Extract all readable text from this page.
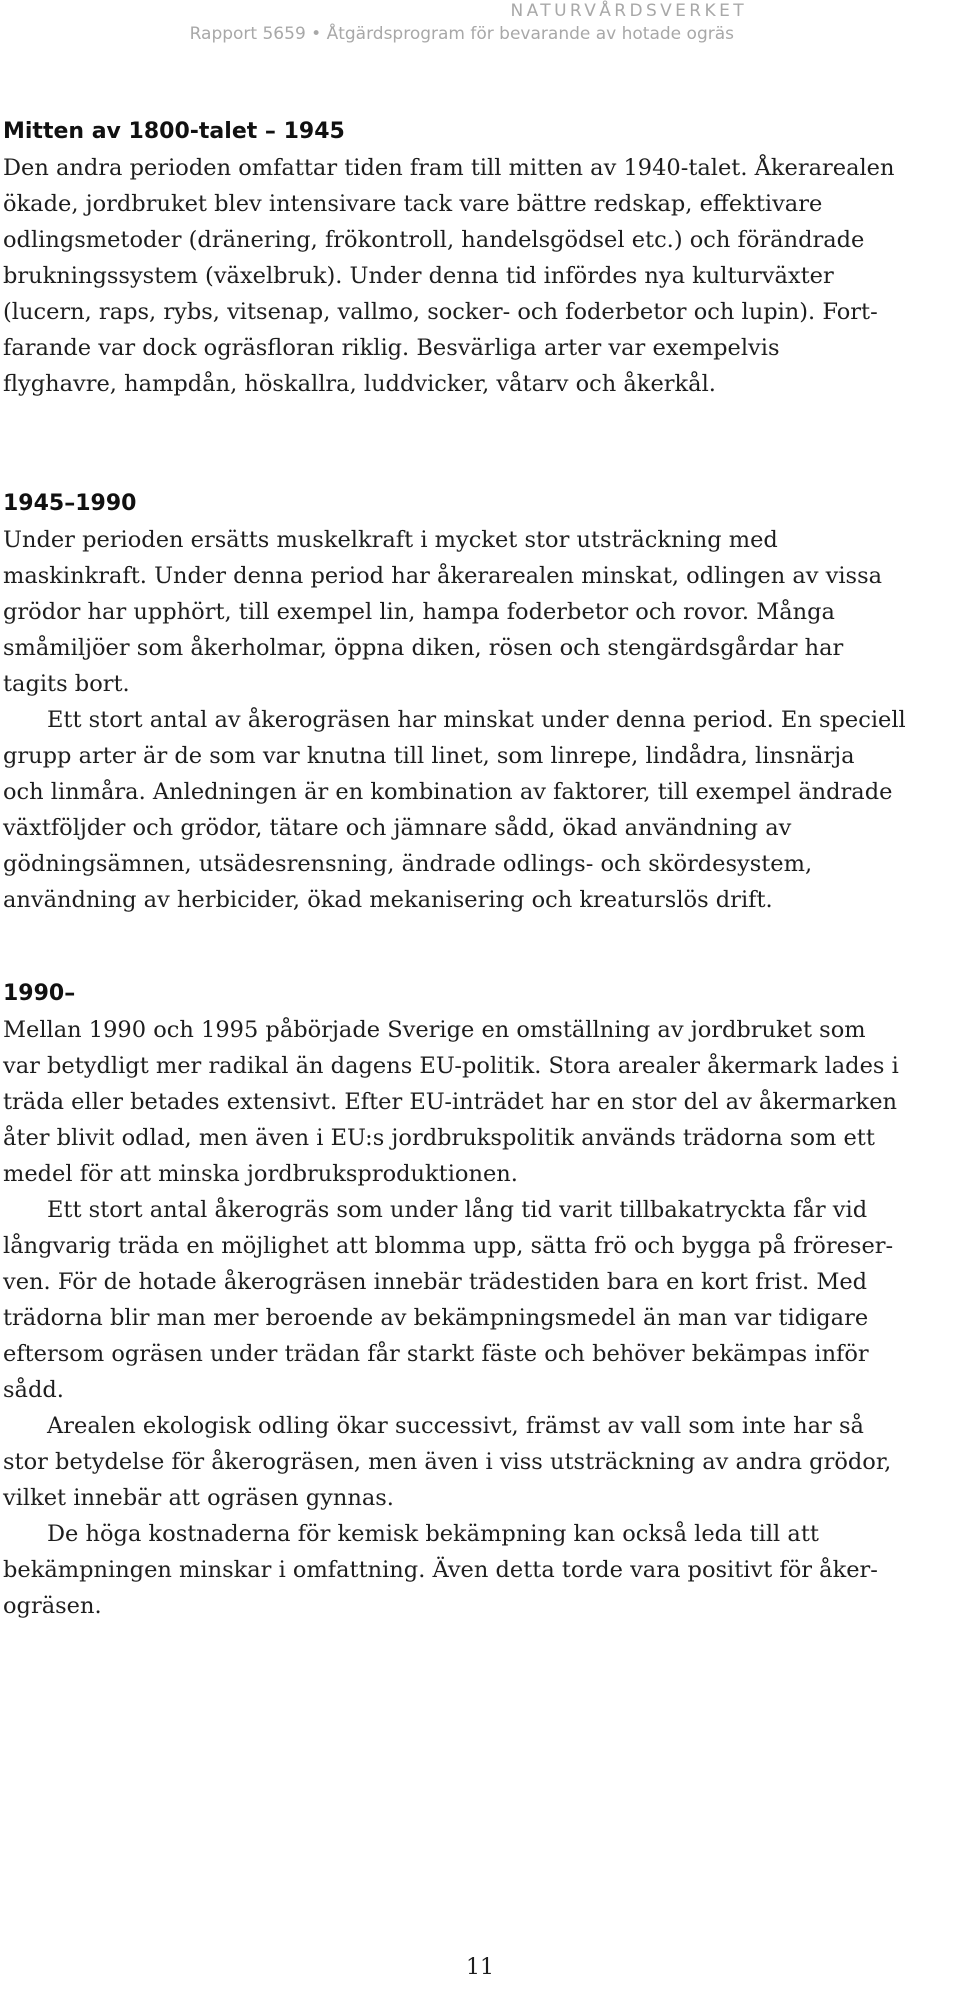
NATURVÅRDSVERKET
Rapport 5659 • Åtgärdsprogram för bevarande av hotade ogräs
Mitten av 1800-talet – 1945

Den andra perioden omfattar tiden fram till mitten av 1940-talet. Åkerarealen
ökade, jordbruket blev intensivare tack vare bättre redskap, effektivare
odlingsmetoder (dränering, frökontroll, handelsgödsel etc.) och förändrade
brukningssystem (växelbruk). Under denna tid infördes nya kulturväxter
(lucern, raps, rybs, vitsenap, vallmo, socker- och foderbetor och lupin). Fort-
farande var dock ogräsfloran riklig. Besvärliga arter var exempelvis
flyghavre, hampdån, höskallra, luddvicker, våtarv och åkerkål.

1945–1990

Under perioden ersätts muskelkraft i mycket stor utsträckning med
maskinkraft. Under denna period har åkerarealen minskat, odlingen av vissa
grödor har upphört, till exempel lin, hampa foderbetor och rovor. Många
småmiljöer som åkerholmar, öppna diken, rösen och stengärdsgårdar har
tagits bort.

Ett stort antal av åkerogräsen har minskat under denna period. En speciell
grupp arter är de som var knutna till linet, som linrepe, lindådra, linsnärja
och linmåra. Anledningen är en kombination av faktorer, till exempel ändrade
växtföljder och grödor, tätare och jämnare sådd, ökad användning av
gödningsämnen, utsädesrensning, ändrade odlings- och skördesystem,
användning av herbicider, ökad mekanisering och kreaturslös drift.

1990–

Mellan 1990 och 1995 påbörjade Sverige en omställning av jordbruket som
var betydligt mer radikal än dagens EU-politik. Stora arealer åkermark lades i
träda eller betades extensivt. Efter EU-inträdet har en stor del av åkermarken
åter blivit odlad, men även i EU:s jordbrukspolitik används trädorna som ett
medel för att minska jordbruksproduktionen.

Ett stort antal åkerogräs som under lång tid varit tillbakatryckta får vid
långvarig träda en möjlighet att blomma upp, sätta frö och bygga på fröreser-
ven. För de hotade åkerogräsen innebär trädestiden bara en kort frist. Med
trädorna blir man mer beroende av bekämpningsmedel än man var tidigare
eftersom ogräsen under trädan får starkt fäste och behöver bekämpas inför
sådd.

Arealen ekologisk odling ökar successivt, främst av vall som inte har så
stor betydelse för åkerogräsen, men även i viss utsträckning av andra grödor,
vilket innebär att ogräsen gynnas.

De höga kostnaderna för kemisk bekämpning kan också leda till att
bekämpningen minskar i omfattning. Även detta torde vara positivt för åker-
ogräsen.

11
